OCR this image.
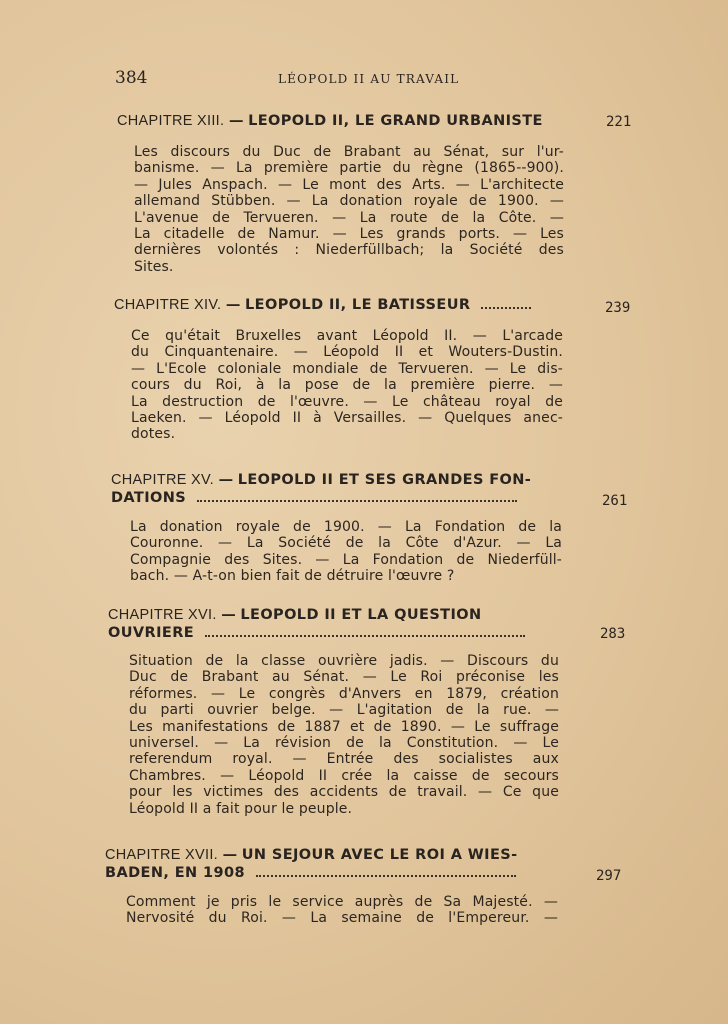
384	LÉOPOLD II AU TRAVAIL
CHAPITRE XIII. — LEOPOLD II, LE GRAND URBANISTE	221
Les discours du Duc de Brabant au Sénat, sur l'ur-
banisme. — La première partie du règne (1865--900).
— Jules Anspach. — Le mont des Arts. — L'architecte
allemand Stübben. — La donation royale de 1900. —
L'avenue de Tervueren. — La route de la Côte. —
La citadelle de Namur. — Les grands ports. — Les
dernières volontés : Niederfüllbach; la Société des
Sites.
CHAPITRE XIV. — LEOPOLD II, LE BATISSEUR	239
Ce qu'était Bruxelles avant Léopold II. — L'arcade
du Cinquantenaire. — Léopold II et Wouters-Dustin.
— L'Ecole coloniale mondiale de Tervueren. — Le dis-
cours du Roi, à la pose de la première pierre. —
La destruction de l'œuvre. — Le château royal de
Laeken. — Léopold II à Versailles. — Quelques anec-
dotes.
CHAPITRE XV. — LEOPOLD II ET SES GRANDES FON-
DATIONS	261
La donation royale de 1900. — La Fondation de la
Couronne. — La Société de la Côte d'Azur. — La
Compagnie des Sites. — La Fondation de Niederfüll-
bach. — A-t-on bien fait de détruire l'œuvre ?
CHAPITRE XVI. — LEOPOLD II ET LA QUESTION
OUVRIERE	283
Situation de la classe ouvrière jadis. — Discours du
Duc de Brabant au Sénat. — Le Roi préconise les
réformes. — Le congrès d'Anvers en 1879, création
du parti ouvrier belge. — L'agitation de la rue. —
Les manifestations de 1887 et de 1890. — Le suffrage
universel. — La révision de la Constitution. — Le
referendum royal. — Entrée des socialistes aux
Chambres. — Léopold II crée la caisse de secours
pour les victimes des accidents de travail. — Ce que
Léopold II a fait pour le peuple.
CHAPITRE XVII. — UN SEJOUR AVEC LE ROI A WIES-
BADEN, EN 1908	297
Comment je pris le service auprès de Sa Majesté. —
Nervosité du Roi. — La semaine de l'Empereur. —
